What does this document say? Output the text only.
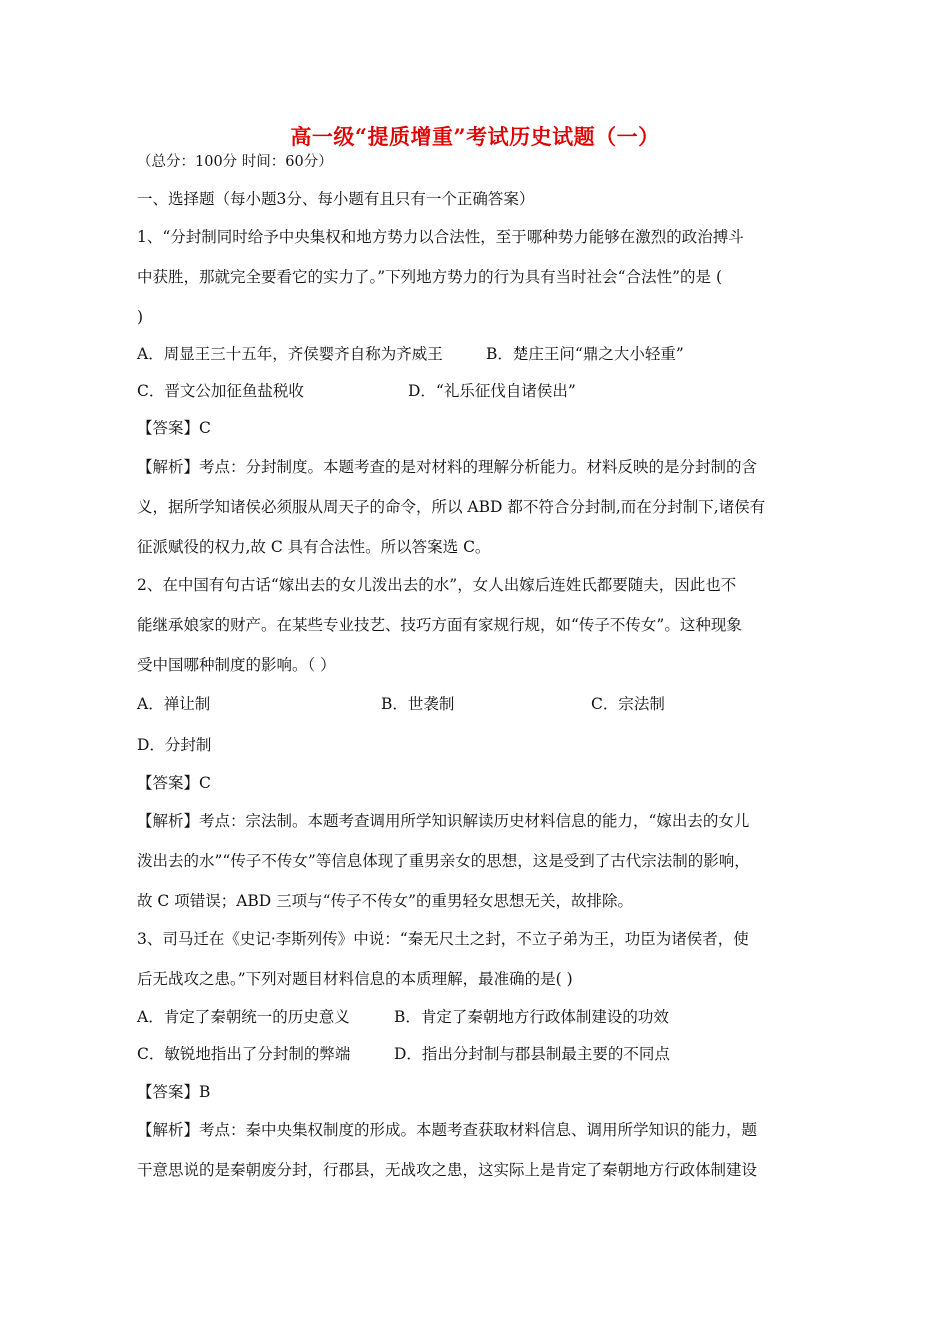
高一级“提质增重”考试历史试题（一）
（总分：100分 时间：60分）
一、选择题（每小题3分、每小题有且只有一个正确答案）
1、“分封制同时给予中央集权和地方势力以合法性，至于哪种势力能够在激烈的政治搏斗
中获胜，那就完全要看它的实力了。”下列地方势力的行为具有当时社会“合法性”的是 (
)
A．周显王三十五年，齐侯婴齐自称为齐威王	B．楚庄王问“鼎之大小轻重”
C．晋文公加征鱼盐税收	D．“礼乐征伐自诸侯出”
【答案】C
【解析】考点：分封制度。本题考查的是对材料的理解分析能力。材料反映的是分封制的含
义，据所学知诸侯必须服从周天子的命令，所以 ABD 都不符合分封制,而在分封制下,诸侯有
征派赋役的权力,故 C 具有合法性。所以答案选 C。
2、在中国有句古话“嫁出去的女儿泼出去的水”，女人出嫁后连姓氏都要随夫，因此也不
能继承娘家的财产。在某些专业技艺、技巧方面有家规行规，如“传子不传女”。这种现象
受中国哪种制度的影响。（ ）
A．禅让制	B．世袭制	C．宗法制
D．分封制
【答案】C
【解析】考点：宗法制。本题考查调用所学知识解读历史材料信息的能力，“嫁出去的女儿
泼出去的水”“传子不传女”等信息体现了重男亲女的思想，这是受到了古代宗法制的影响，
故 C 项错误；ABD 三项与“传子不传女”的重男轻女思想无关，故排除。
3、司马迁在《史记·李斯列传》中说：“秦无尺土之封，不立子弟为王，功臣为诸侯者，使
后无战攻之患。”下列对题目材料信息的本质理解，最准确的是( )
A．肯定了秦朝统一的历史意义	B．肯定了秦朝地方行政体制建设的功效
C．敏锐地指出了分封制的弊端	D．指出分封制与郡县制最主要的不同点
【答案】B
【解析】考点：秦中央集权制度的形成。本题考查获取材料信息、调用所学知识的能力，题
干意思说的是秦朝废分封，行郡县，无战攻之患，这实际上是肯定了秦朝地方行政体制建设
